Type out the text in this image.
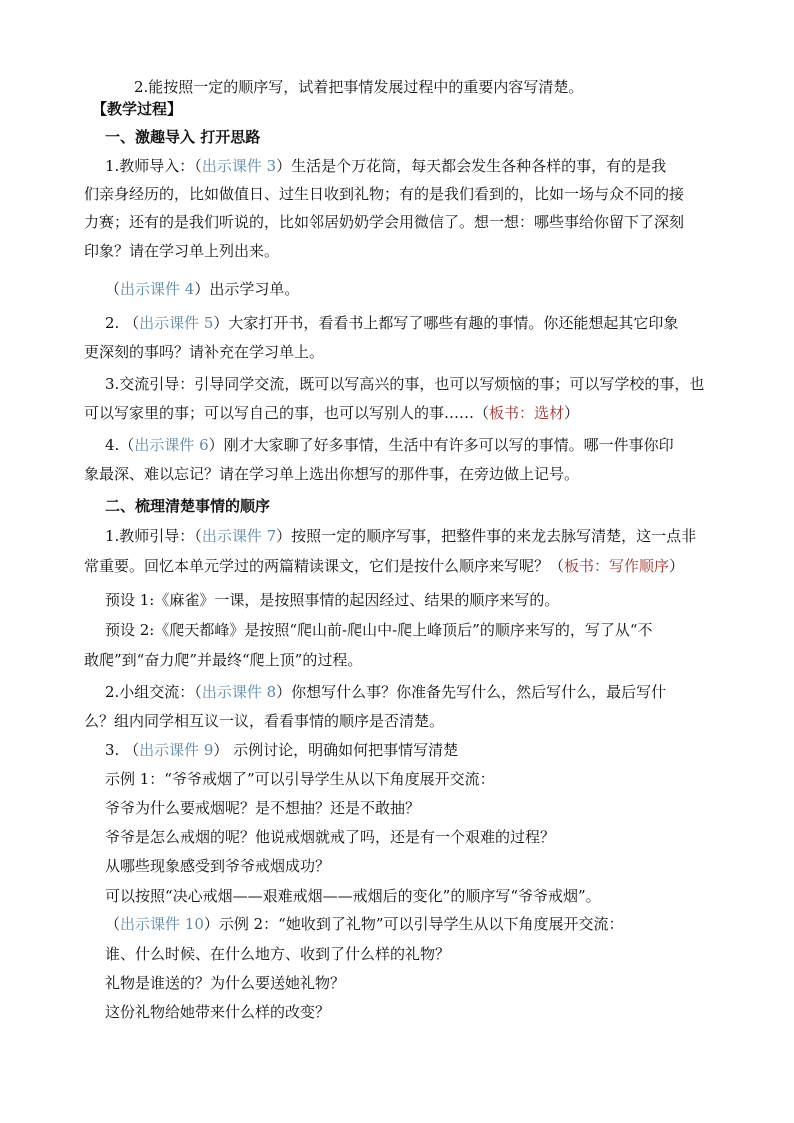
2.能按照一定的顺序写，试着把事情发展过程中的重要内容写清楚。
【教学过程】
一、激趣导入 打开思路
1.教师导入：（出示课件 3）生活是个万花筒，每天都会发生各种各样的事，有的是我
们亲身经历的，比如做值日、过生日收到礼物；有的是我们看到的，比如一场与众不同的接
力赛；还有的是我们听说的，比如邻居奶奶学会用微信了。想一想：哪些事给你留下了深刻
印象？请在学习单上列出来。
（出示课件 4）出示学习单。
2. （出示课件 5）大家打开书，看看书上都写了哪些有趣的事情。你还能想起其它印象
更深刻的事吗？请补充在学习单上。
3.交流引导：引导同学交流，既可以写高兴的事，也可以写烦恼的事；可以写学校的事，也
可以写家里的事；可以写自己的事，也可以写别人的事……（板书：选材）
4.（出示课件 6）刚才大家聊了好多事情，生活中有许多可以写的事情。哪一件事你印
象最深、难以忘记？请在学习单上选出你想写的那件事，在旁边做上记号。
二、梳理清楚事情的顺序
1.教师引导：（出示课件 7）按照一定的顺序写事，把整件事的来龙去脉写清楚，这一点非
常重要。回忆本单元学过的两篇精读课文，它们是按什么顺序来写呢？（板书：写作顺序）
预设 1:《麻雀》一课，是按照事情的起因经过、结果的顺序来写的。
预设 2:《爬天都峰》是按照“爬山前-爬山中-爬上峰顶后”的顺序来写的，写了从“不
敢爬”到“奋力爬”并最终“爬上顶”的过程。
2.小组交流：（出示课件 8）你想写什么事？你准备先写什么，然后写什么，最后写什
么？组内同学相互议一议，看看事情的顺序是否清楚。
3. （出示课件 9） 示例讨论，明确如何把事情写清楚
示例 1：“爷爷戒烟了”可以引导学生从以下角度展开交流：
爷爷为什么要戒烟呢？是不想抽？还是不敢抽？
爷爷是怎么戒烟的呢？他说戒烟就戒了吗，还是有一个艰难的过程？
从哪些现象感受到爷爷戒烟成功？
可以按照“决心戒烟——艰难戒烟——戒烟后的变化”的顺序写“爷爷戒烟”。
（出示课件 10）示例 2：“她收到了礼物”可以引导学生从以下角度展开交流：
谁、什么时候、在什么地方、收到了什么样的礼物？
礼物是谁送的？为什么要送她礼物？
这份礼物给她带来什么样的改变？
